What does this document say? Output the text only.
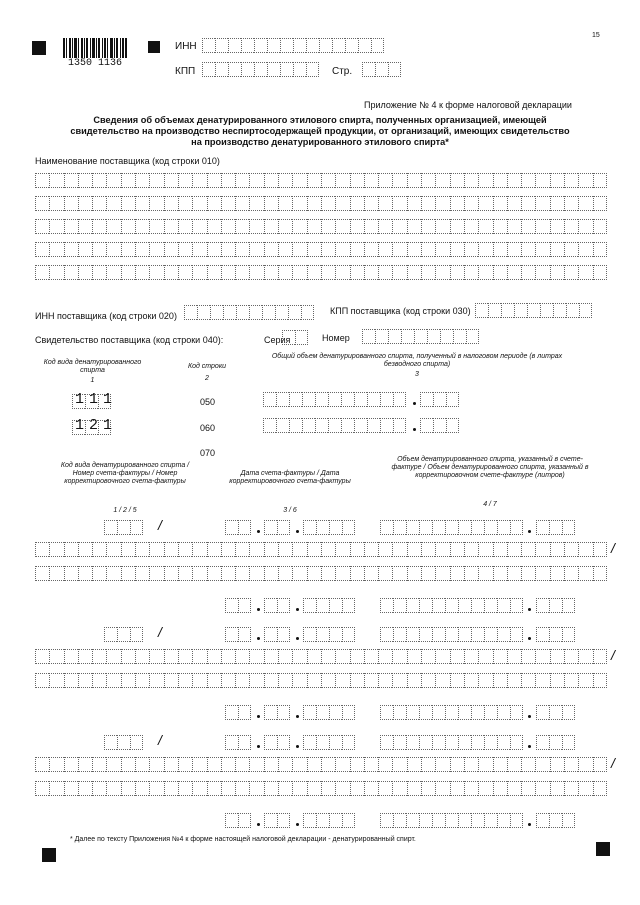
1350 1136
15
ИНН
КПП	Стр.
Приложение № 4 к форме налоговой декларации
Сведения об объемах денатурированного этилового спирта, полученных организацией, имеющей
свидетельство на производство неспиртосодержащей продукции, от организаций, имеющих свидетельство
на производство денатурированного этилового спирта*
Наименование поставщика (код строки 010)
ИНН поставщика (код строки 020)	КПП поставщика (код строки 030)
Свидетельство поставщика (код строки 040):	Серия	Номер
Код вида денатурированного спирта
1
Код строки
2
Общий объем денатурированного спирта, полученный в налоговом периоде (в литрах безводного спирта)
3
111	050
121	060
070
Код вида денатурированного спирта / Номер счета-фактуры / Номер корректировочного счета-фактуры
1 / 2 / 5
Дата счета-фактуры / Дата корректировочного счета-фактуры
3 / 6
Объем денатурированного спирта, указанный в счете-фактуре / Объем денатурированного спирта, указанный в корректировочном счете-фактуре (литров)
4 / 7
/
/
/
/
/
/
* Далее по тексту Приложения №4 к форме настоящей налоговой декларации - денатурированный спирт.
